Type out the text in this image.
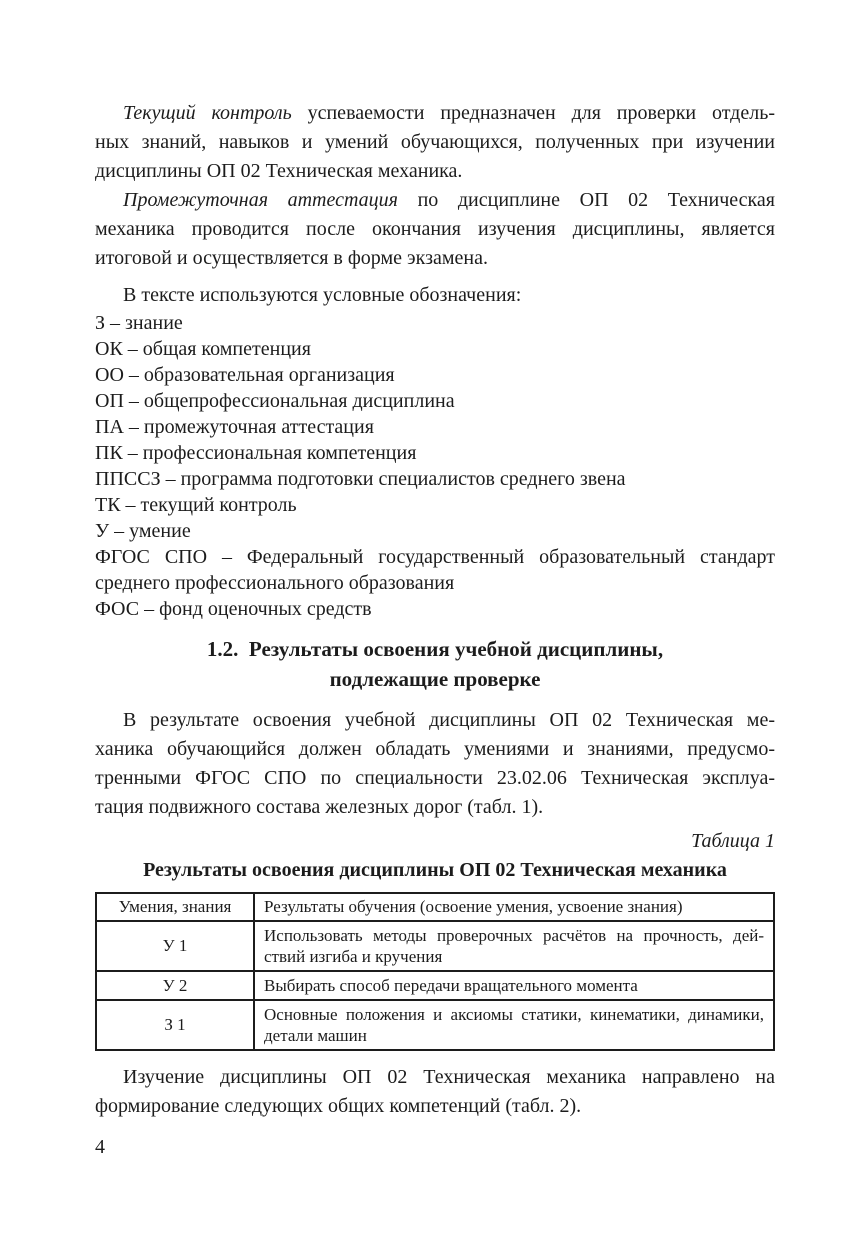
Текущий контроль успеваемости предназначен для проверки отдель-
ных знаний, навыков и умений обучающихся, полученных при изучении
дисциплины ОП 02 Техническая механика.
Промежуточная аттестация по дисциплине ОП 02 Техническая
механика проводится после окончания изучения дисциплины, является
итоговой и осуществляется в форме экзамена.
В тексте используются условные обозначения:
З – знание
ОК – общая компетенция
ОО – образовательная организация
ОП – общепрофессиональная дисциплина
ПА – промежуточная аттестация
ПК – профессиональная компетенция
ППССЗ – программа подготовки специалистов среднего звена
ТК – текущий контроль
У – умение
ФГОС СПО – Федеральный государственный образовательный стандарт
среднего профессионального образования
ФОС – фонд оценочных средств
1.2.  Результаты освоения учебной дисциплины,
подлежащие проверке
В результате освоения учебной дисциплины ОП 02 Техническая ме-
ханика обучающийся должен обладать умениями и знаниями, предусмо-
тренными ФГОС СПО по специальности 23.02.06 Техническая эксплуа-
тация подвижного состава железных дорог (табл. 1).
Таблица 1
Результаты освоения дисциплины ОП 02 Техническая механика
Умения, знания	Результаты обучения (освоение умения, усвоение знания)
У 1	Использовать методы проверочных расчётов на прочность, дей-
ствий изгиба и кручения

У 2	Выбирать способ передачи вращательного момента

З 1	Основные положения и аксиомы статики, кинематики, динамики,
детали машин
Изучение дисциплины ОП 02 Техническая механика направлено на
формирование следующих общих компетенций (табл. 2).
4
